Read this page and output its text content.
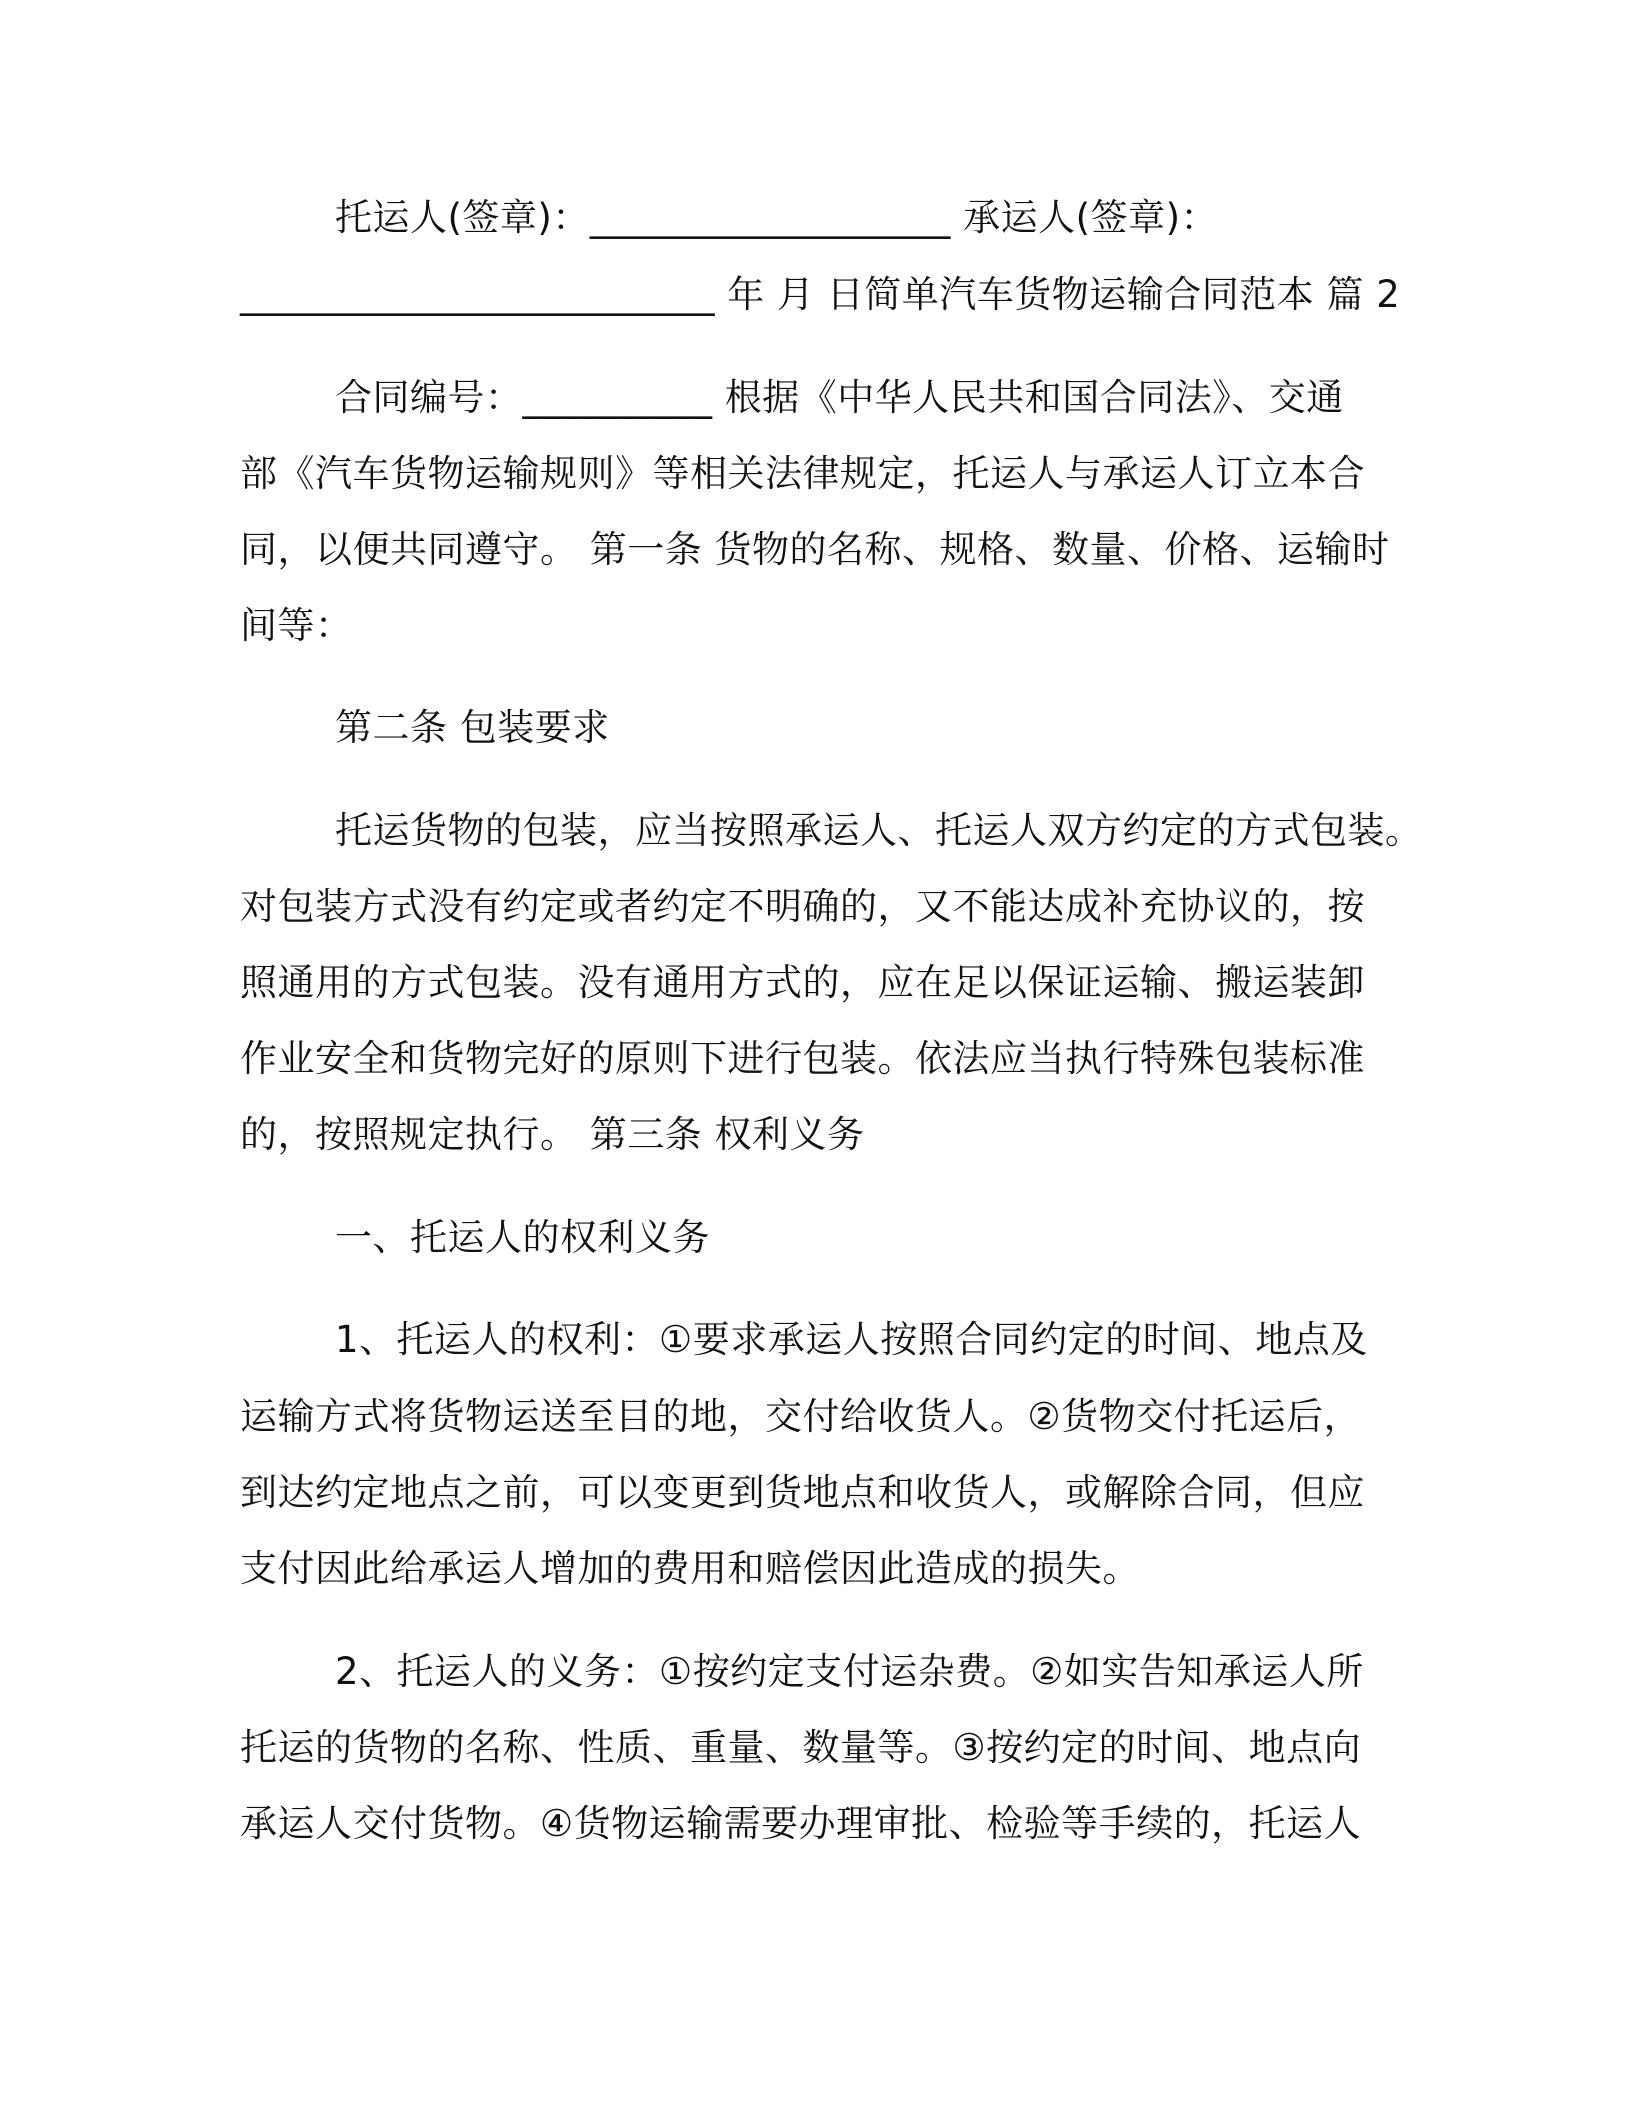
托运人(签章)：___________________ 承运人(签章)：
_________________________ 年 月 日简单汽车货物运输合同范本 篇 2
合同编号：__________ 根据《中华人民共和国合同法》、交通
部《汽车货物运输规则》等相关法律规定，托运人与承运人订立本合
同，以便共同遵守。 第一条 货物的名称、规格、数量、价格、运输时
间等：
第二条 包装要求
托运货物的包装，应当按照承运人、托运人双方约定的方式包装。
对包装方式没有约定或者约定不明确的，又不能达成补充协议的，按
照通用的方式包装。没有通用方式的，应在足以保证运输、搬运装卸
作业安全和货物完好的原则下进行包装。依法应当执行特殊包装标准
的，按照规定执行。 第三条 权利义务
一、托运人的权利义务
1、托运人的权利：①要求承运人按照合同约定的时间、地点及
运输方式将货物运送至目的地，交付给收货人。②货物交付托运后，
到达约定地点之前，可以变更到货地点和收货人，或解除合同，但应
支付因此给承运人增加的费用和赔偿因此造成的损失。
2、托运人的义务：①按约定支付运杂费。②如实告知承运人所
托运的货物的名称、性质、重量、数量等。③按约定的时间、地点向
承运人交付货物。④货物运输需要办理审批、检验等手续的，托运人
